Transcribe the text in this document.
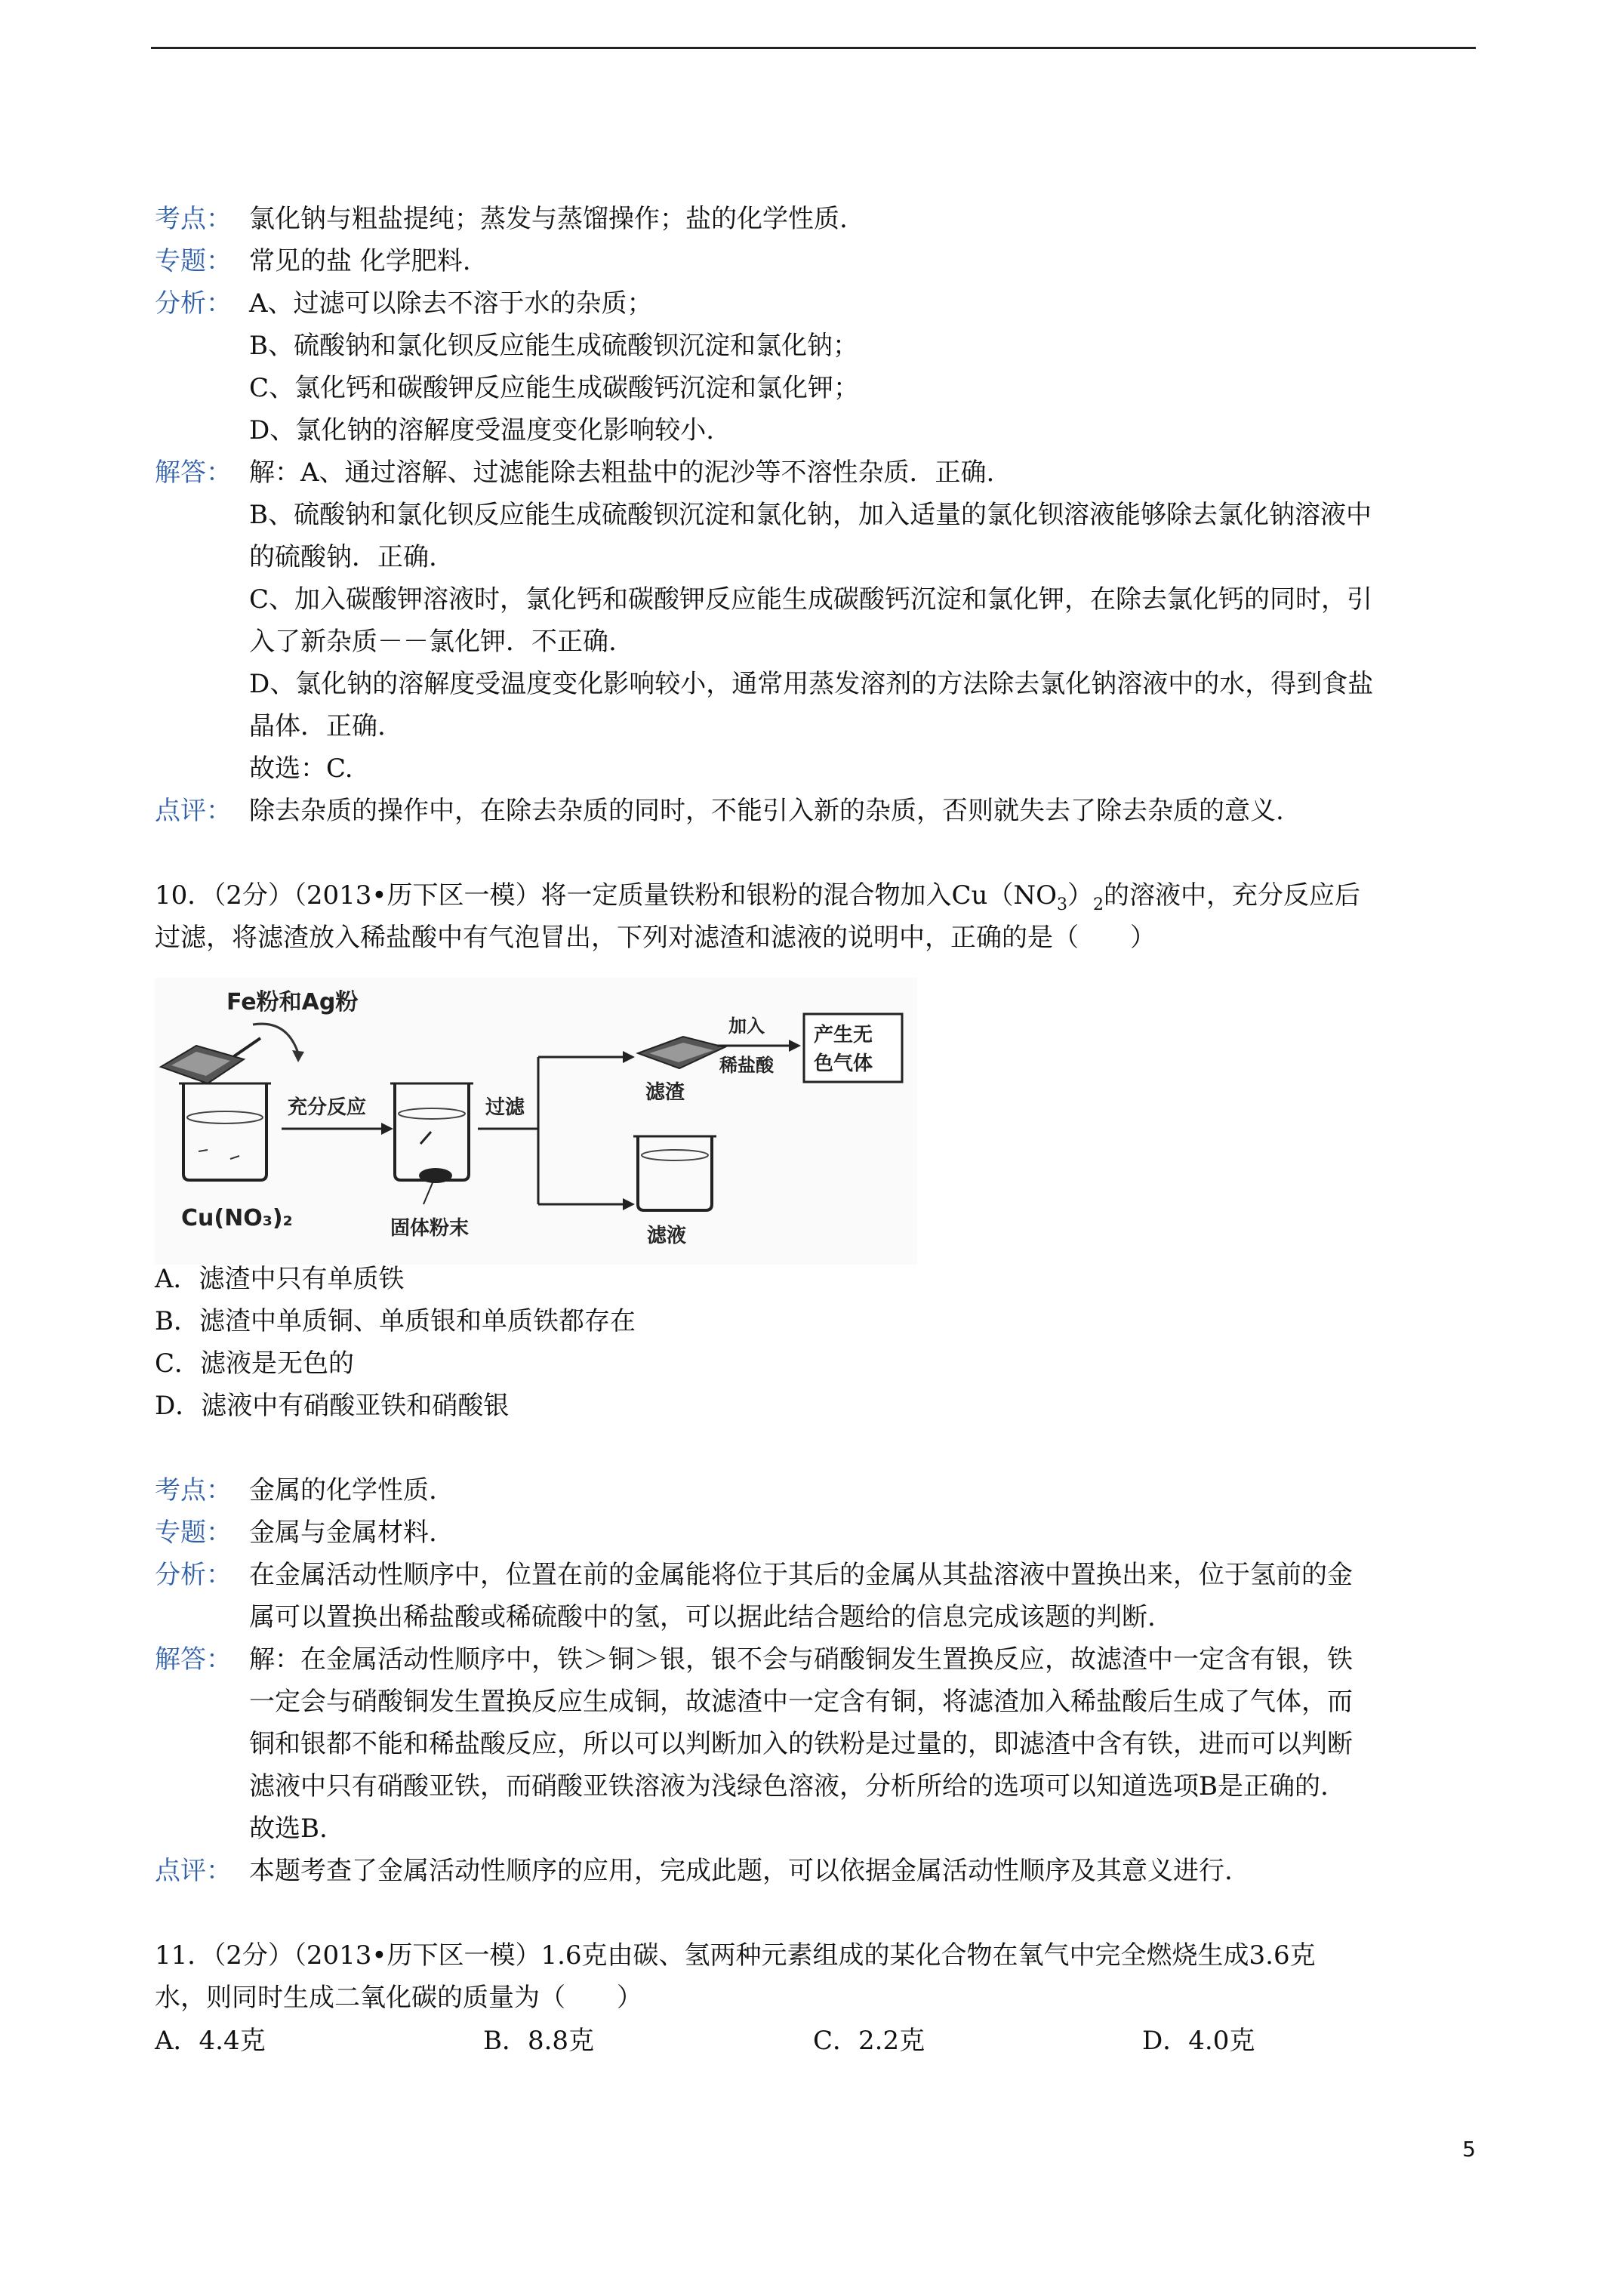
考点： 氯化钠与粗盐提纯；蒸发与蒸馏操作；盐的化学性质.
专题： 常见的盐 化学肥料.
分析： A、过滤可以除去不溶于水的杂质；
B、硫酸钠和氯化钡反应能生成硫酸钡沉淀和氯化钠；
C、氯化钙和碳酸钾反应能生成碳酸钙沉淀和氯化钾；
D、氯化钠的溶解度受温度变化影响较小.
解答： 解：A、通过溶解、过滤能除去粗盐中的泥沙等不溶性杂质．正确.
B、硫酸钠和氯化钡反应能生成硫酸钡沉淀和氯化钠，加入适量的氯化钡溶液能够除去氯化钠溶液中
的硫酸钠．正确.
C、加入碳酸钾溶液时，氯化钙和碳酸钾反应能生成碳酸钙沉淀和氯化钾，在除去氯化钙的同时，引
入了新杂质－－氯化钾．不正确.
D、氯化钠的溶解度受温度变化影响较小，通常用蒸发溶剂的方法除去氯化钠溶液中的水，得到食盐
晶体．正确.
故选：C.
点评： 除去杂质的操作中，在除去杂质的同时，不能引入新的杂质，否则就失去了除去杂质的意义.
10．（2分）（2013•历下区一模）将一定质量铁粉和银粉的混合物加入$Cu(NO_3)_2$的溶液中，充分反应后
过滤，将滤渣放入稀盐酸中有气泡冒出，下列对滤渣和滤液的说明中，正确的是（　　）
Fe粉和Ag粉
Cu(NO₃)₂
充分反应
固体粉末
过滤
滤渣
加入
稀盐酸
产生无
色气体
滤液
A．滤渣中只有单质铁
B．滤渣中单质铜、单质银和单质铁都存在
C．滤液是无色的
D．滤液中有硝酸亚铁和硝酸银
考点： 金属的化学性质.
专题： 金属与金属材料.
分析： 在金属活动性顺序中，位置在前的金属能将位于其后的金属从其盐溶液中置换出来，位于氢前的金
属可以置换出稀盐酸或稀硫酸中的氢，可以据此结合题给的信息完成该题的判断.
解答： 解：在金属活动性顺序中，铁＞铜＞银，银不会与硝酸铜发生置换反应，故滤渣中一定含有银，铁
一定会与硝酸铜发生置换反应生成铜，故滤渣中一定含有铜，将滤渣加入稀盐酸后生成了气体，而
铜和银都不能和稀盐酸反应，所以可以判断加入的铁粉是过量的，即滤渣中含有铁，进而可以判断
滤液中只有硝酸亚铁，而硝酸亚铁溶液为浅绿色溶液，分析所给的选项可以知道选项B是正确的.
故选B.
点评： 本题考查了金属活动性顺序的应用，完成此题，可以依据金属活动性顺序及其意义进行.
11．（2分）（2013•历下区一模）1.6克由碳、氢两种元素组成的某化合物在氧气中完全燃烧生成3.6克
水，则同时生成二氧化碳的质量为（　　）
A．4.4克	B．8.8克	C．2.2克	D．4.0克
5
